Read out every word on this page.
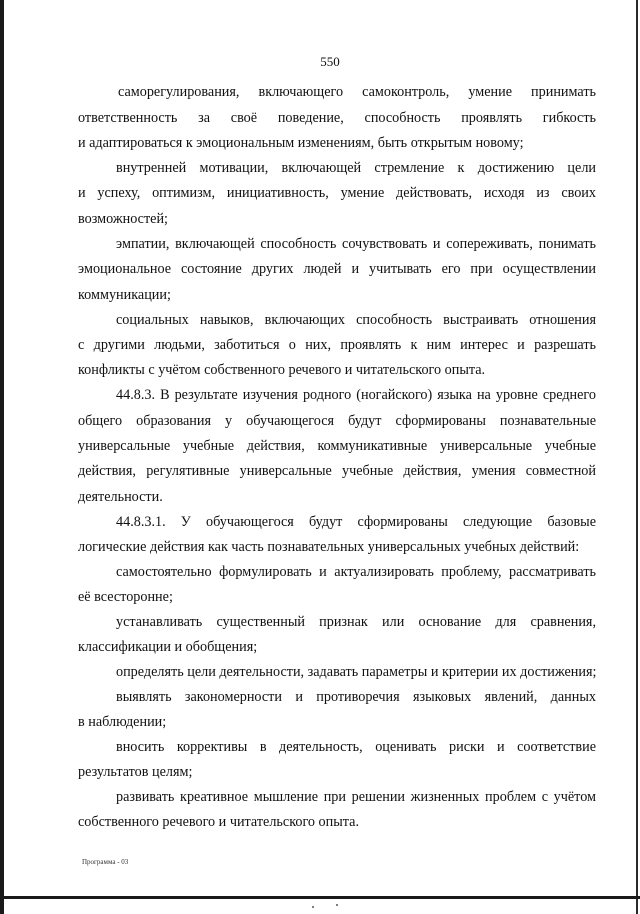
550
саморегулирования, включающего самоконтроль, умение принимать
ответственность за своё поведение, способность проявлять гибкость
и адаптироваться к эмоциональным изменениям, быть открытым новому;
внутренней мотивации, включающей стремление к достижению цели
и успеху, оптимизм, инициативность, умение действовать, исходя из своих
возможностей;
эмпатии, включающей способность сочувствовать и сопереживать, понимать
эмоциональное состояние других людей и учитывать его при осуществлении
коммуникации;
социальных навыков, включающих способность выстраивать отношения
с другими людьми, заботиться о них, проявлять к ним интерес и разрешать
конфликты с учётом собственного речевого и читательского опыта.
44.8.3. В результате изучения родного (ногайского) языка на уровне среднего
общего образования у обучающегося будут сформированы познавательные
универсальные учебные действия, коммуникативные универсальные учебные
действия, регулятивные универсальные учебные действия, умения совместной
деятельности.
44.8.3.1. У обучающегося будут сформированы следующие базовые
логические действия как часть познавательных универсальных учебных действий:
самостоятельно формулировать и актуализировать проблему, рассматривать
её всесторонне;
устанавливать существенный признак или основание для сравнения,
классификации и обобщения;
определять цели деятельности, задавать параметры и критерии их достижения;
выявлять закономерности и противоречия языковых явлений, данных
в наблюдении;
вносить коррективы в деятельность, оценивать риски и соответствие
результатов целям;
развивать креативное мышление при решении жизненных проблем с учётом
собственного речевого и читательского опыта.
Программа - 03
